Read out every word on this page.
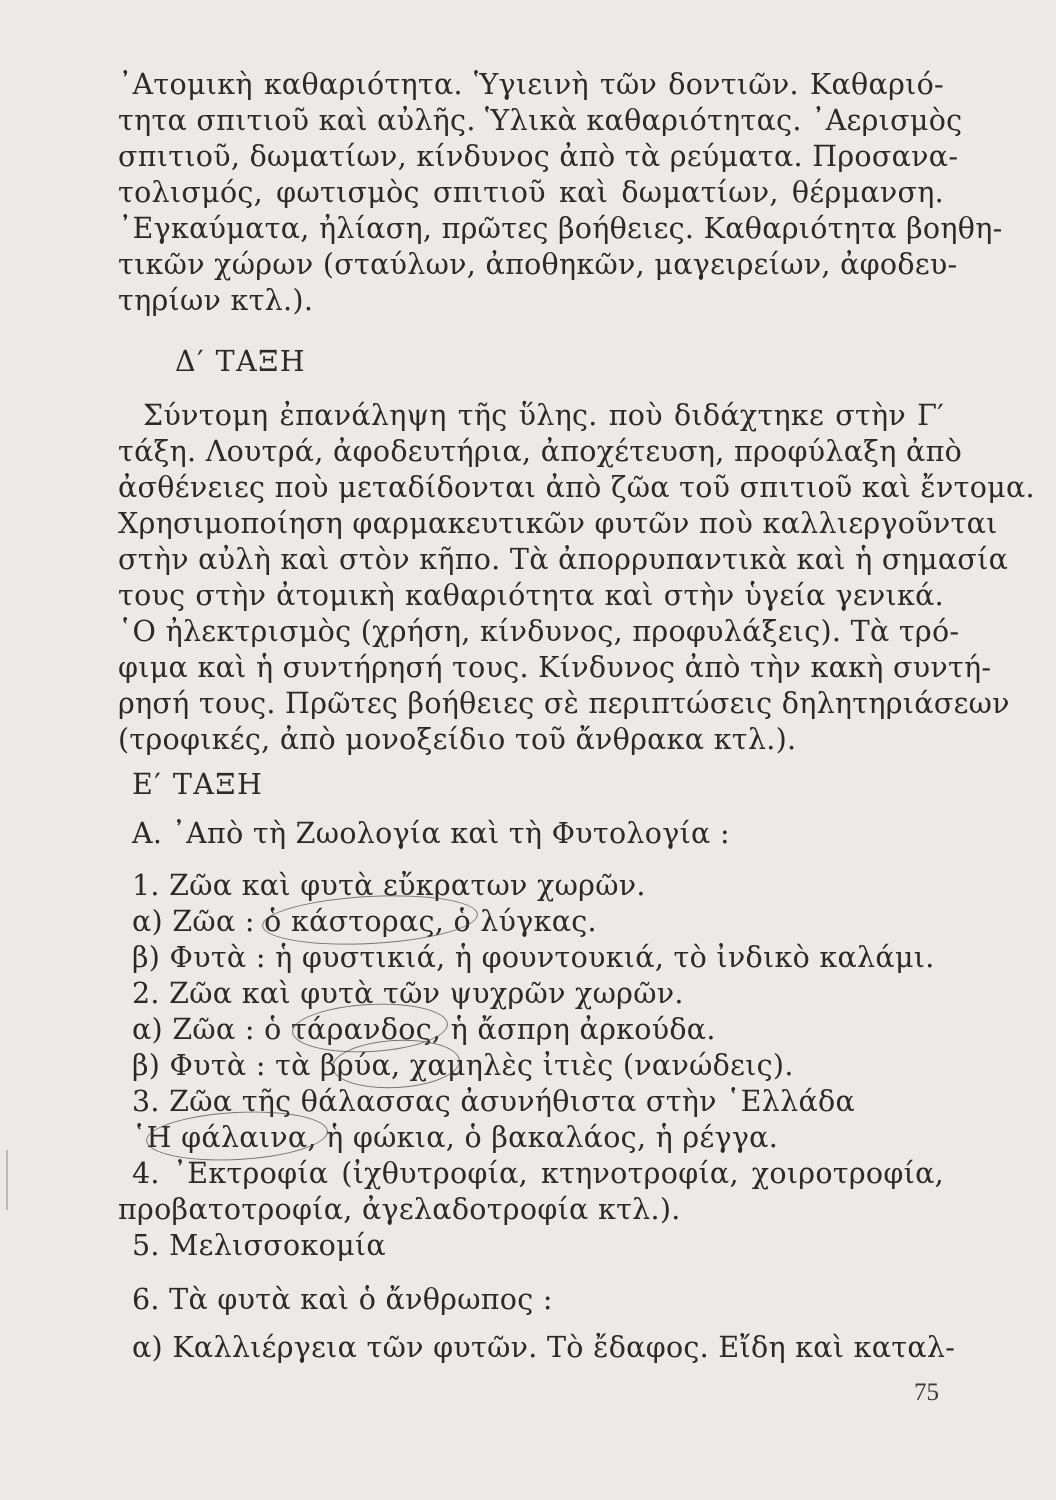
᾿Ατομικὴ καθαριότητα. Ὑγιεινὴ τῶν δοντιῶν. Καθαριό-
τητα σπιτιοῦ καὶ αὐλῆς. Ὑλικὰ καθαριότητας. ᾿Αερισμὸς
σπιτιοῦ, δωματίων, κίνδυνος ἀπὸ τὰ ρεύματα. Προσανα-
τολισμός, φωτισμὸς σπιτιοῦ καὶ δωματίων, θέρμανση.
᾿Εγκαύματα, ἠλίαση, πρῶτες βοήθειες. Καθαριότητα βοηθη-
τικῶν χώρων (σταύλων, ἀποθηκῶν, μαγειρείων, ἀφοδευ-
τηρίων κτλ.).
Δ′ ΤΑΞΗ
Σύντομη ἐπανάληψη τῆς ὕλης. ποὺ διδάχτηκε στὴν Γ′
τάξη. Λουτρά, ἀφοδευτήρια, ἀποχέτευση, προφύλαξη ἀπὸ
ἀσθένειες ποὺ μεταδίδονται ἀπὸ ζῶα τοῦ σπιτιοῦ καὶ ἔντομα.
Χρησιμοποίηση φαρμακευτικῶν φυτῶν ποὺ καλλιεργοῦνται
στὴν αὐλὴ καὶ στὸν κῆπο. Τὰ ἀπορρυπαντικὰ καὶ ἡ σημασία
τους στὴν ἀτομικὴ καθαριότητα καὶ στὴν ὑγεία γενικά.
῾Ο ἠλεκτρισμὸς (χρήση, κίνδυνος, προφυλάξεις). Τὰ τρό-
φιμα καὶ ἡ συντήρησή τους. Κίνδυνος ἀπὸ τὴν κακὴ συντή-
ρησή τους. Πρῶτες βοήθειες σὲ περιπτώσεις δηλητηριάσεων
(τροφικές, ἀπὸ μονοξείδιο τοῦ ἄνθρακα κτλ.).
Ε′ ΤΑΞΗ
Α. ᾿Απὸ τὴ Ζωολογία καὶ τὴ Φυτολογία :
1. Ζῶα καὶ φυτὰ εὔκρατων χωρῶν.
α) Ζῶα : ὁ κάστορας, ὁ λύγκας.
β) Φυτὰ : ἡ φυστικιά, ἡ φουντουκιά, τὸ ἰνδικὸ καλάμι.
2. Ζῶα καὶ φυτὰ τῶν ψυχρῶν χωρῶν.
α) Ζῶα : ὁ τάρανδος, ἡ ἄσπρη ἀρκούδα.
β) Φυτὰ : τὰ βρύα, χαμηλὲς ἰτιὲς (νανώδεις).
3. Ζῶα τῆς θάλασσας ἀσυνήθιστα στὴν ῾Ελλάδα
῾Η φάλαινα, ἡ φώκια, ὁ βακαλάος, ἡ ρέγγα.
4. ᾿Εκτροφία (ἰχθυτροφία, κτηνοτροφία, χοιροτροφία,
προβατοτροφία, ἀγελαδοτροφία κτλ.).
5. Μελισσοκομία
6. Τὰ φυτὰ καὶ ὁ ἄνθρωπος :
α) Καλλιέργεια τῶν φυτῶν. Τὸ ἔδαφος. Εἴδη καὶ καταλ-
75
